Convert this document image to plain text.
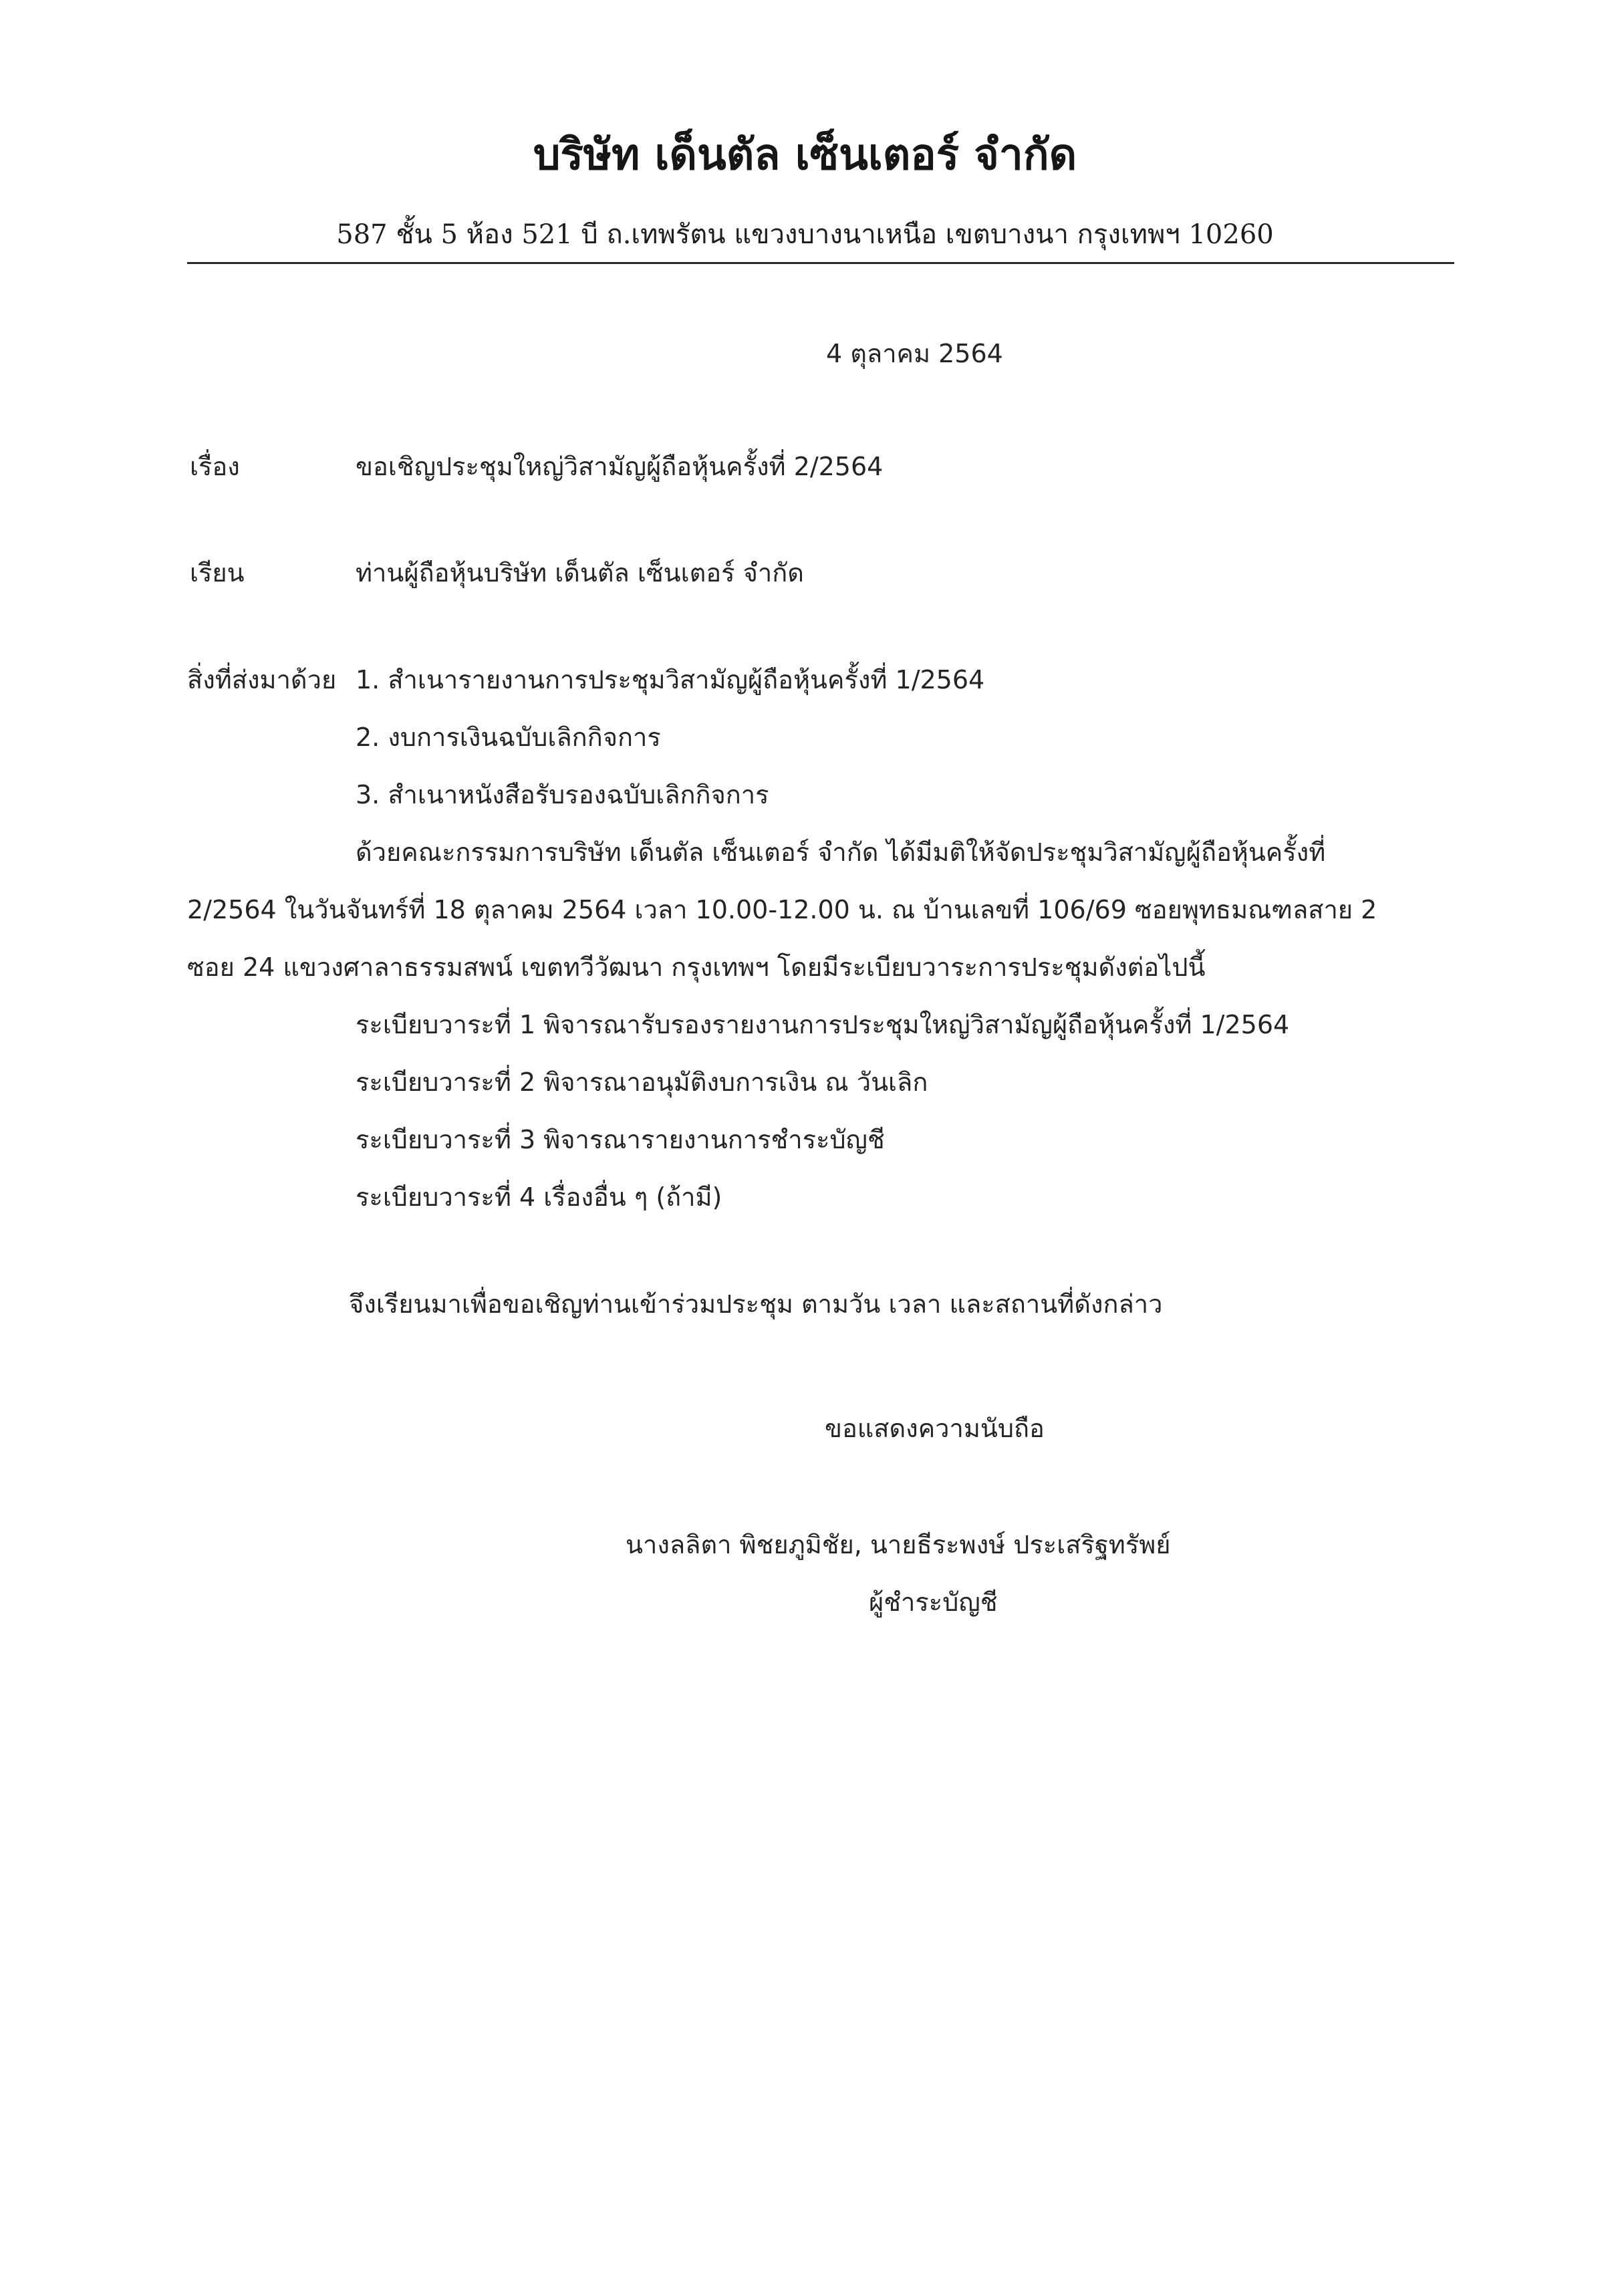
บริษัท เด็นตัล เซ็นเตอร์ จำกัด
587 ชั้น 5 ห้อง 521 บี ถ.เทพรัตน แขวงบางนาเหนือ เขตบางนา กรุงเทพฯ 10260
4 ตุลาคม 2564
เรื่อง	ขอเชิญประชุมใหญ่วิสามัญผู้ถือหุ้นครั้งที่ 2/2564
เรียน	ท่านผู้ถือหุ้นบริษัท เด็นตัล เซ็นเตอร์ จำกัด
สิ่งที่ส่งมาด้วย 1. สำเนารายงานการประชุมวิสามัญผู้ถือหุ้นครั้งที่ 1/2564
2. งบการเงินฉบับเลิกกิจการ
3. สำเนาหนังสือรับรองฉบับเลิกกิจการ
ด้วยคณะกรรมการบริษัท เด็นตัล เซ็นเตอร์ จำกัด ได้มีมติให้จัดประชุมวิสามัญผู้ถือหุ้นครั้งที่
2/2564 ในวันจันทร์ที่ 18 ตุลาคม 2564 เวลา 10.00-12.00 น. ณ บ้านเลขที่ 106/69 ซอยพุทธมณฑลสาย 2
ซอย 24 แขวงศาลาธรรมสพน์ เขตทวีวัฒนา กรุงเทพฯ โดยมีระเบียบวาระการประชุมดังต่อไปนี้
ระเบียบวาระที่ 1 พิจารณารับรองรายงานการประชุมใหญ่วิสามัญผู้ถือหุ้นครั้งที่ 1/2564
ระเบียบวาระที่ 2 พิจารณาอนุมัติงบการเงิน ณ วันเลิก
ระเบียบวาระที่ 3 พิจารณารายงานการชำระบัญชี
ระเบียบวาระที่ 4 เรื่องอื่น ๆ (ถ้ามี)
จึงเรียนมาเพื่อขอเชิญท่านเข้าร่วมประชุม ตามวัน เวลา และสถานที่ดังกล่าว
ขอแสดงความนับถือ
นางลลิตา พิชยภูมิชัย, นายธีระพงษ์ ประเสริฐทรัพย์
ผู้ชำระบัญชี
